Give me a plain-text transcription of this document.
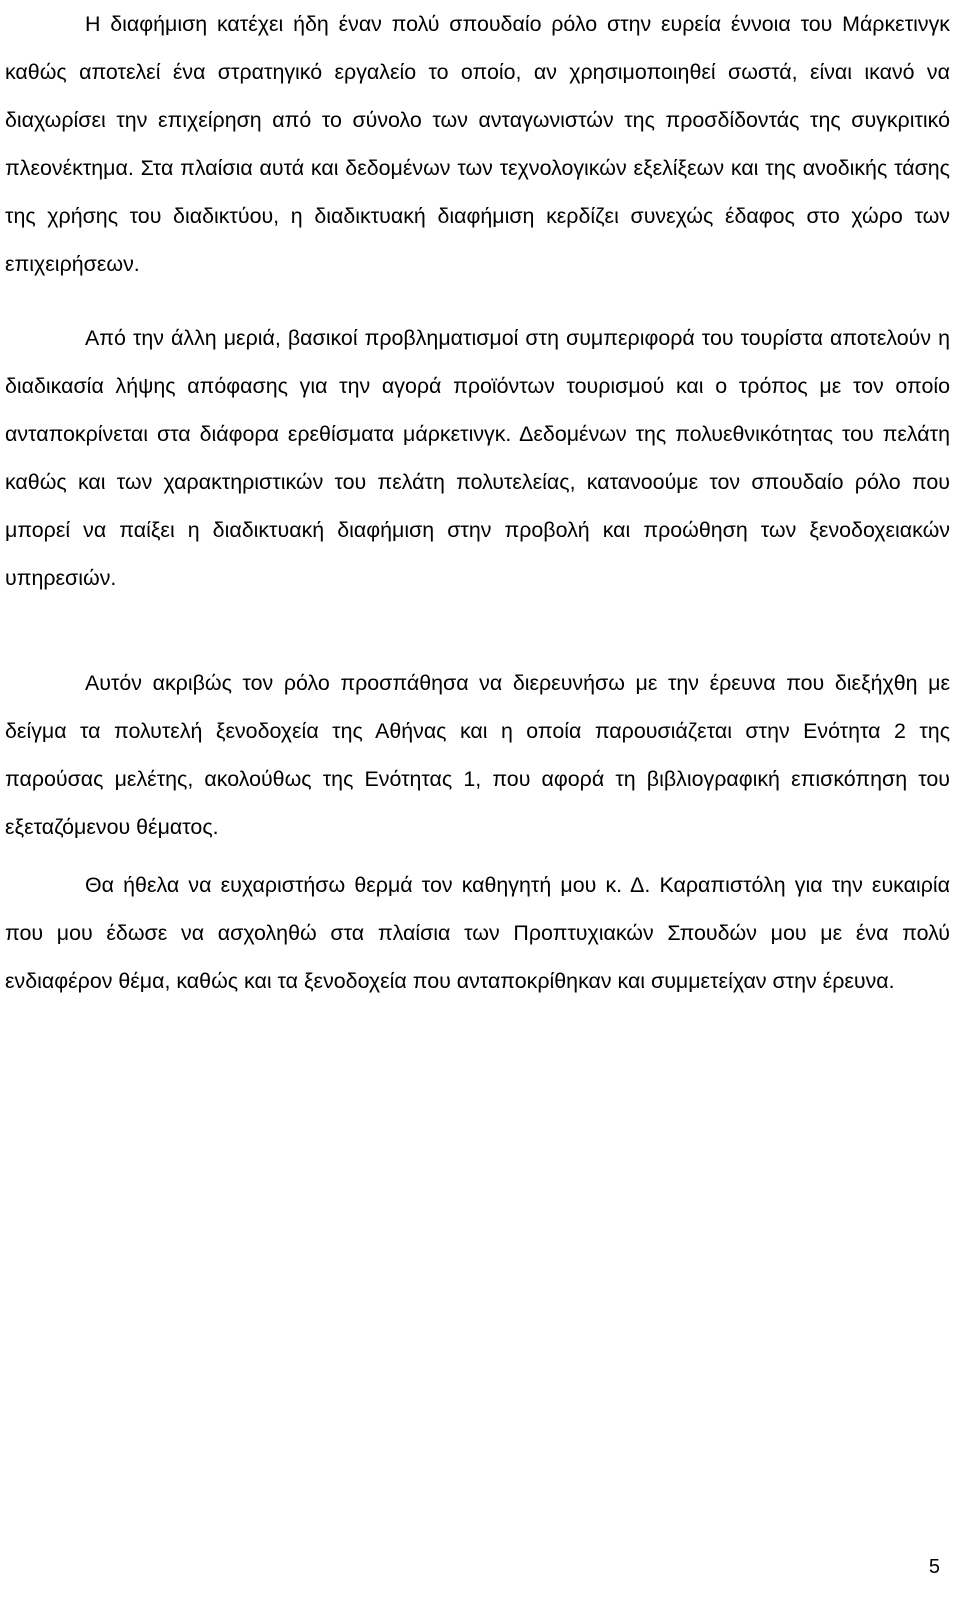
Η διαφήμιση κατέχει ήδη έναν πολύ σπουδαίο ρόλο στην ευρεία έννοια του Μάρκετινγκ καθώς αποτελεί ένα στρατηγικό εργαλείο το οποίο, αν χρησιμοποιηθεί σωστά, είναι ικανό να διαχωρίσει την επιχείρηση από το σύνολο των ανταγωνιστών της προσδίδοντάς της συγκριτικό πλεονέκτημα. Στα πλαίσια αυτά και δεδομένων των τεχνολογικών εξελίξεων και της ανοδικής τάσης της χρήσης του διαδικτύου, η διαδικτυακή διαφήμιση κερδίζει συνεχώς έδαφος στο χώρο των επιχειρήσεων.

Από την άλλη μεριά, βασικοί προβληματισμοί στη συμπεριφορά του τουρίστα αποτελούν η διαδικασία λήψης απόφασης για την αγορά προϊόντων τουρισμού και ο τρόπος με τον οποίο ανταποκρίνεται στα διάφορα ερεθίσματα μάρκετινγκ. Δεδομένων της πολυεθνικότητας του πελάτη καθώς και των χαρακτηριστικών του πελάτη πολυτελείας, κατανοούμε τον σπουδαίο ρόλο που μπορεί να παίξει η διαδικτυακή διαφήμιση στην προβολή και προώθηση των ξενοδοχειακών υπηρεσιών.

Αυτόν ακριβώς τον ρόλο προσπάθησα να διερευνήσω με την έρευνα που διεξήχθη με δείγμα τα πολυτελή ξενοδοχεία της Αθήνας και η οποία παρουσιάζεται στην Ενότητα 2 της παρούσας μελέτης, ακολούθως της Ενότητας 1, που αφορά τη βιβλιογραφική επισκόπηση του εξεταζόμενου θέματος.

Θα ήθελα να ευχαριστήσω θερμά τον καθηγητή μου κ. Δ. Καραπιστόλη για την ευκαιρία που μου έδωσε να ασχοληθώ στα πλαίσια των Προπτυχιακών Σπουδών μου με ένα πολύ ενδιαφέρον θέμα, καθώς και τα ξενοδοχεία που ανταποκρίθηκαν και συμμετείχαν στην έρευνα.

5
